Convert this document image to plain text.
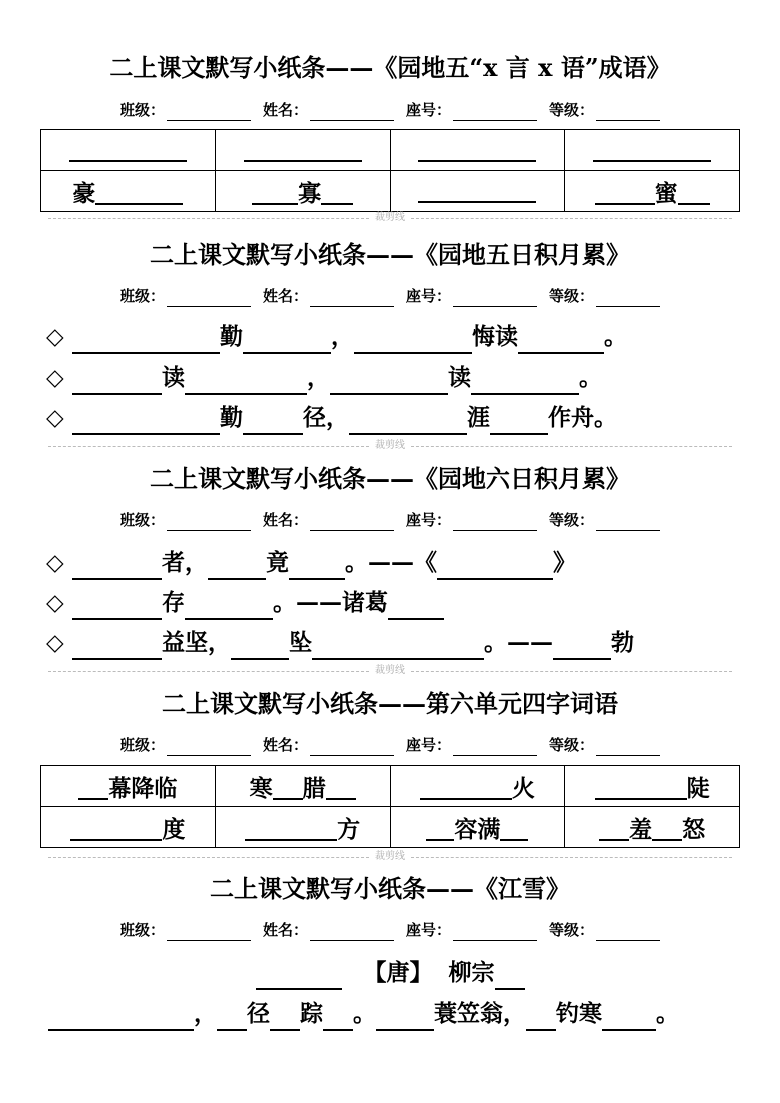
二上课文默写小纸条——《园地五“x 言 x 语”成语》
班级：	姓名：	座号：	等级：

豪	寡		蜜
裁剪线
二上课文默写小纸条——《园地五日积月累》
班级：	姓名：	座号：	等级：
◇	勤	，	悔读	。
◇	读	，	读	。
◇	勤	径，	涯	作舟。
裁剪线
二上课文默写小纸条——《园地六日积月累》
班级：	姓名：	座号：	等级：
◇	者，	竟 。——《	》
◇	存	。——诸葛
◇	益坚，	坠	。——	勃
裁剪线
二上课文默写小纸条——第六单元四字词语
班级：	姓名：	座号：	等级：
幕降临	寒 腊	火	陡
度	方	容满	羞 怒
裁剪线
二上课文默写小纸条——《江雪》
班级：	姓名：	座号：	等级：
【唐】 柳宗
， 径 踪 。	蓑笠翁， 钓寒 。
